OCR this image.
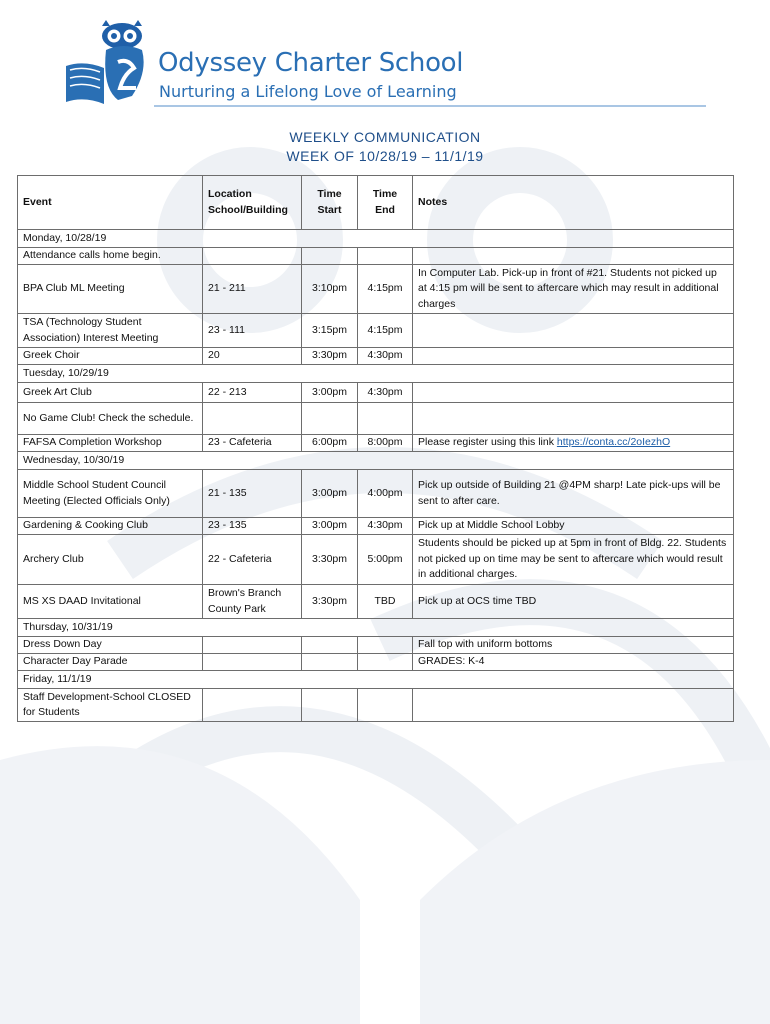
Odyssey Charter School
Nurturing a Lifelong Love of Learning
WEEKLY COMMUNICATION
WEEK OF 10/28/19 – 11/1/19
Event	Location School/Building	Time Start	Time End	Notes
Monday, 10/28/19				
Attendance calls home begin.				
BPA Club ML Meeting	21 - 211	3:10pm	4:15pm	In Computer Lab. Pick-up in front of #21. Students not picked up at 4:15 pm will be sent to aftercare which may result in additional charges
TSA (Technology Student Association) Interest Meeting	23 - 111	3:15pm	4:15pm	
Greek Choir	20	3:30pm	4:30pm	
Tuesday, 10/29/19				
Greek Art Club	22 - 213	3:00pm	4:30pm	
No Game Club! Check the schedule.				
FAFSA Completion Workshop	23 - Cafeteria	6:00pm	8:00pm	Please register using this link https://conta.cc/2oIezhO
Wednesday, 10/30/19				
Middle School Student Council Meeting (Elected Officials Only)	21 - 135	3:00pm	4:00pm	Pick up outside of Building 21 @4PM sharp! Late pick-ups will be sent to after care.
Gardening & Cooking Club	23 - 135	3:00pm	4:30pm	Pick up at Middle School Lobby
Archery Club	22 - Cafeteria	3:30pm	5:00pm	Students should be picked up at 5pm in front of Bldg. 22. Students not picked up on time may be sent to aftercare which would result in additional charges.
MS XS DAAD Invitational	Brown's Branch County Park	3:30pm	TBD	Pick up at OCS time TBD
Thursday, 10/31/19				
Dress Down Day				Fall top with uniform bottoms
Character Day Parade				GRADES: K-4
Friday, 11/1/19				
Staff Development-School CLOSED for Students				
